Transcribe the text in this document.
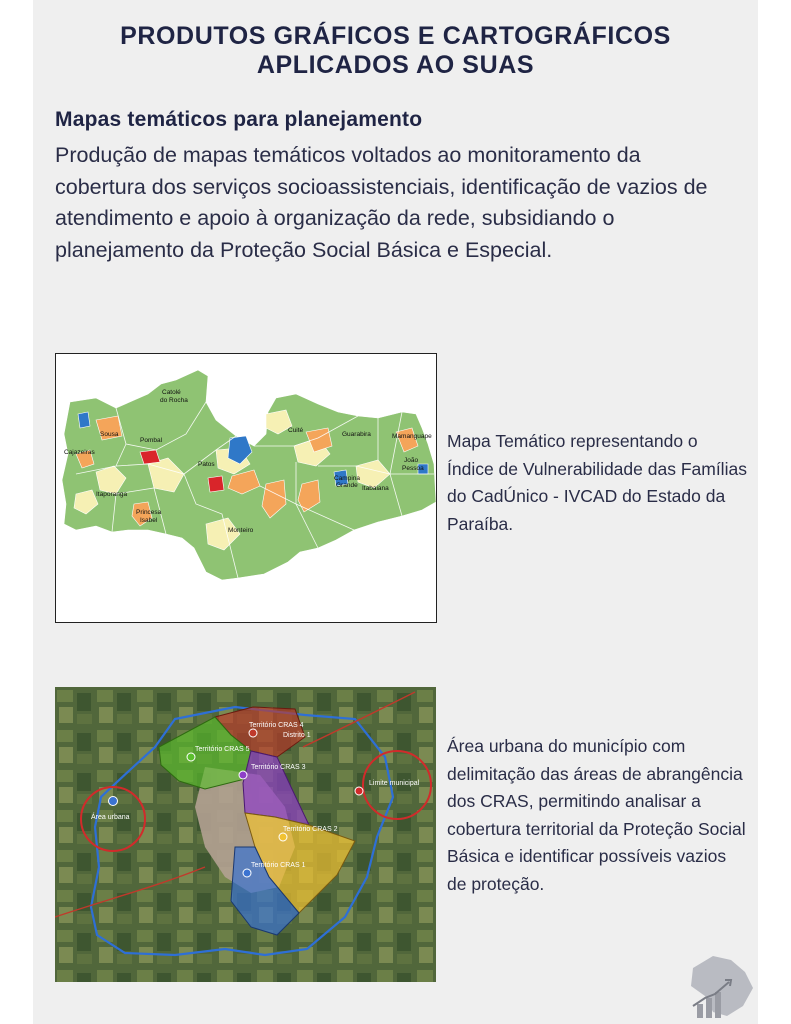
PRODUTOS GRÁFICOS E CARTOGRÁFICOS
APLICADOS AO SUAS
Mapas temáticos para planejamento
Produção de mapas temáticos voltados ao monitoramento da cobertura dos serviços socioassistenciais, identificação de vazios de atendimento e apoio à organização da rede, subsidiando o planejamento da Proteção Social Básica e Especial.
Catolé
do Rocha
Sousa
Pombal
Cajazeiras
Patos
Itaporanga
Princesa
Isabel
Monteiro
Cuité
Guarabira	Mamanguape
Campina
Grande Itabaiana
João
Pessoa
Mapa Temático representando o Índice de Vulnerabilidade das Famílias do CadÚnico - IVCAD do Estado da Paraíba.
Território CRAS 4
Distrito 1
Território CRAS 5
Território CRAS 3
Território CRAS 2
Território CRAS 1
Área urbana
Limite municipal
Área urbana do município com delimitação das áreas de abrangência dos CRAS, permitindo analisar a cobertura territorial da Proteção Social Básica e identificar possíveis vazios de proteção.
